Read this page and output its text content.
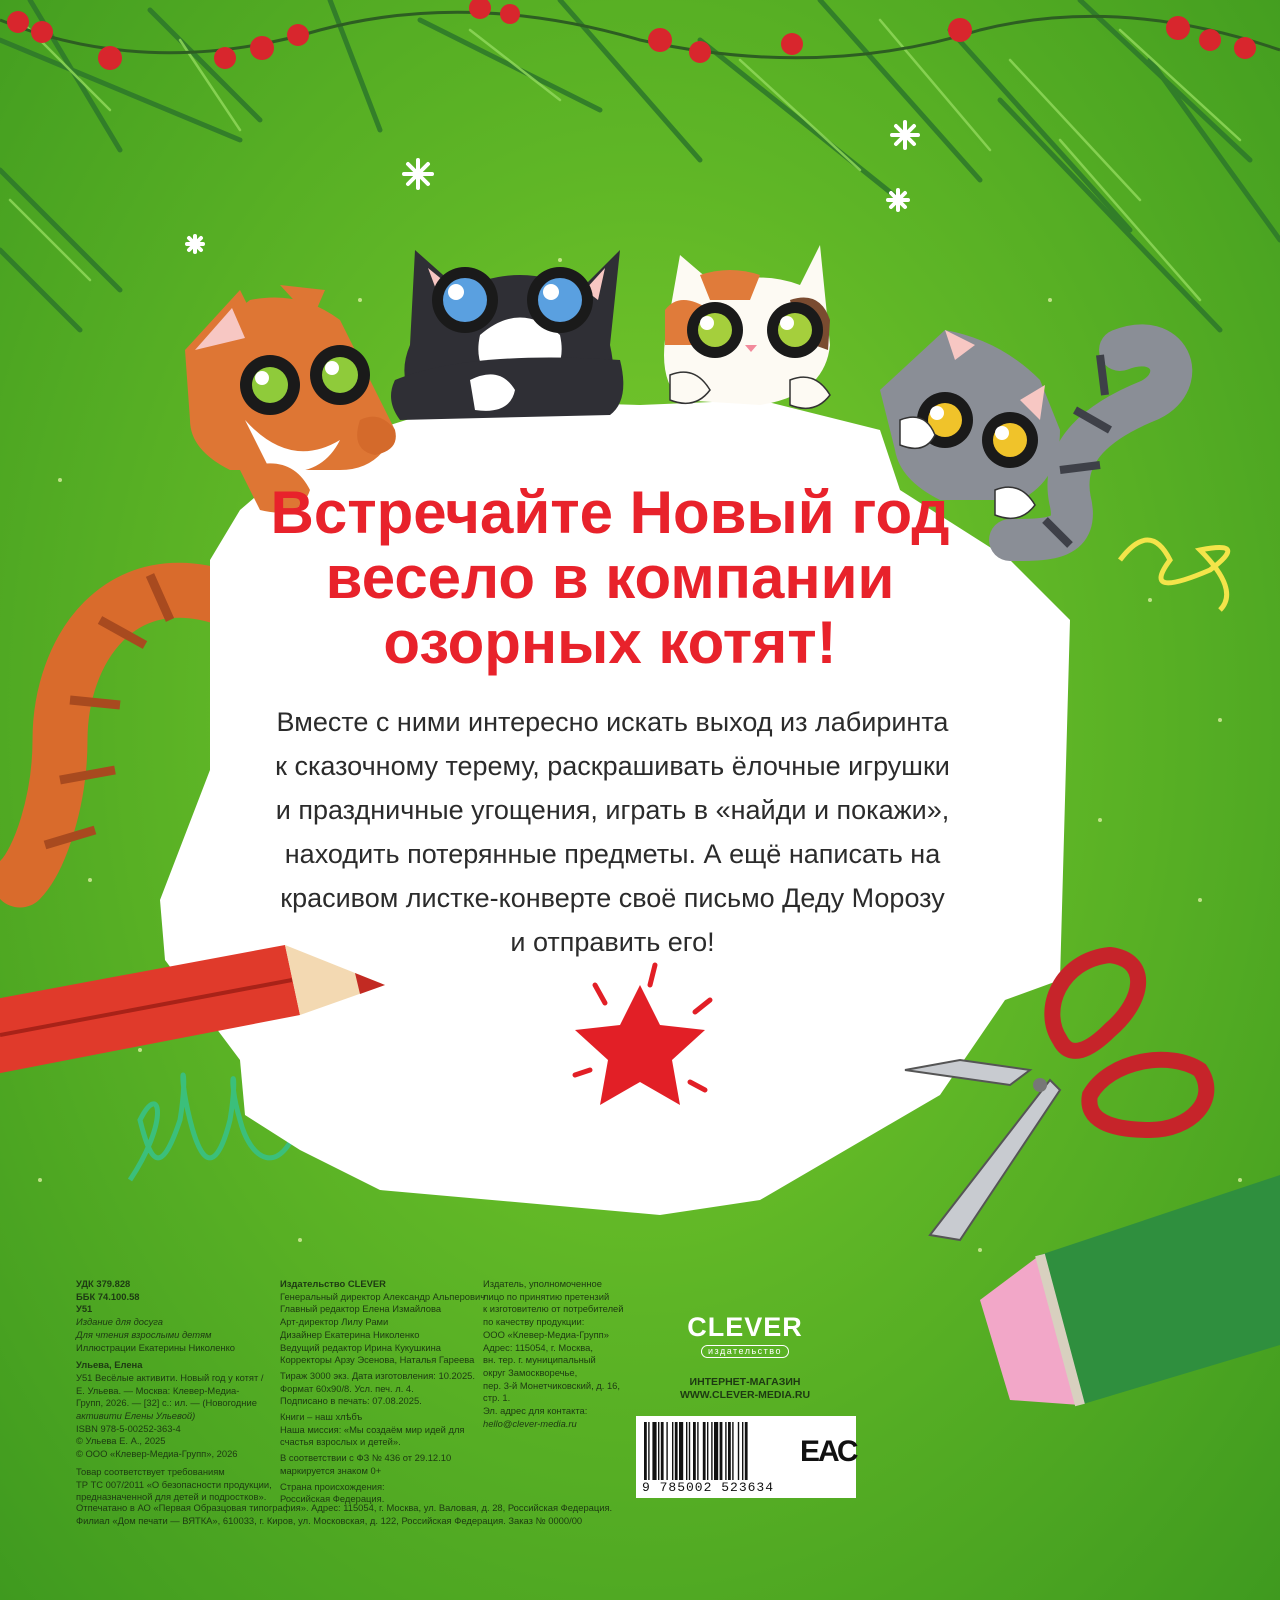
Встречайте Новый год
весело в компании
озорных котят!
Вместе с ними интересно искать выход из лабиринта
к сказочному терему, раскрашивать ёлочные игрушки
и праздничные угощения, играть в «найди и покажи»,
находить потерянные предметы. А ещё написать на
красивом листке-конверте своё письмо Деду Морозу
и отправить его!
УДК 379.828
ББК 74.100.58
У51
Издание для досуга
Для чтения взрослыми детям
Иллюстрации Екатерины Николенко
Ульева, Елена
У51 Весёлые активити. Новый год у котят /
Е. Ульева. — Москва: Клевер-Медиа-
Групп, 2026. — [32] с.: ил. — (Новогодние
активити Елены Ульевой)
ISBN 978-5-00252-363-4
© Ульева Е. А., 2025
© ООО «Клевер-Медиа-Групп», 2026
Товар соответствует требованиям
ТР ТС 007/2011 «О безопасности продукции,
предназначенной для детей и подростков».
Издательство CLEVER
Генеральный директор Александр Альперович
Главный редактор Елена Измайлова
Арт-директор Лилу Рами
Дизайнер Екатерина Николенко
Ведущий редактор Ирина Кукушкина
Корректоры Арзу Эсенова, Наталья Гареева
Тираж 3000 экз. Дата изготовления: 10.2025.
Формат 60x90/8. Усл. печ. л. 4.
Подписано в печать: 07.08.2025.
Книги – наш хлѣбъ
Наша миссия: «Мы создаём мир идей для
счастья взрослых и детей».
В соответствии с ФЗ № 436 от 29.12.10
маркируется знаком 0+
Страна происхождения:
Российская Федерация.
Издатель, уполномоченное
лицо по принятию претензий
к изготовителю от потребителей
по качеству продукции:
ООО «Клевер-Медиа-Групп»
Адрес: 115054, г. Москва,
вн. тер. г. муниципальный
округ Замоскворечье,
пер. 3-й Монетчиковский, д. 16,
стр. 1.
Эл. адрес для контакта:
hello@clever-media.ru
Отпечатано в АО «Первая Образцовая типография». Адрес: 115054, г. Москва, ул. Валовая, д. 28, Российская Федерация.
Филиал «Дом печати — ВЯТКА», 610033, г. Киров, ул. Московская, д. 122, Российская Федерация. Заказ № 0000/00
CLEVER
издательство
ИНТЕРНЕТ-МАГАЗИН
WWW.CLEVER-MEDIA.RU
9 785002 523634
ЕАС
